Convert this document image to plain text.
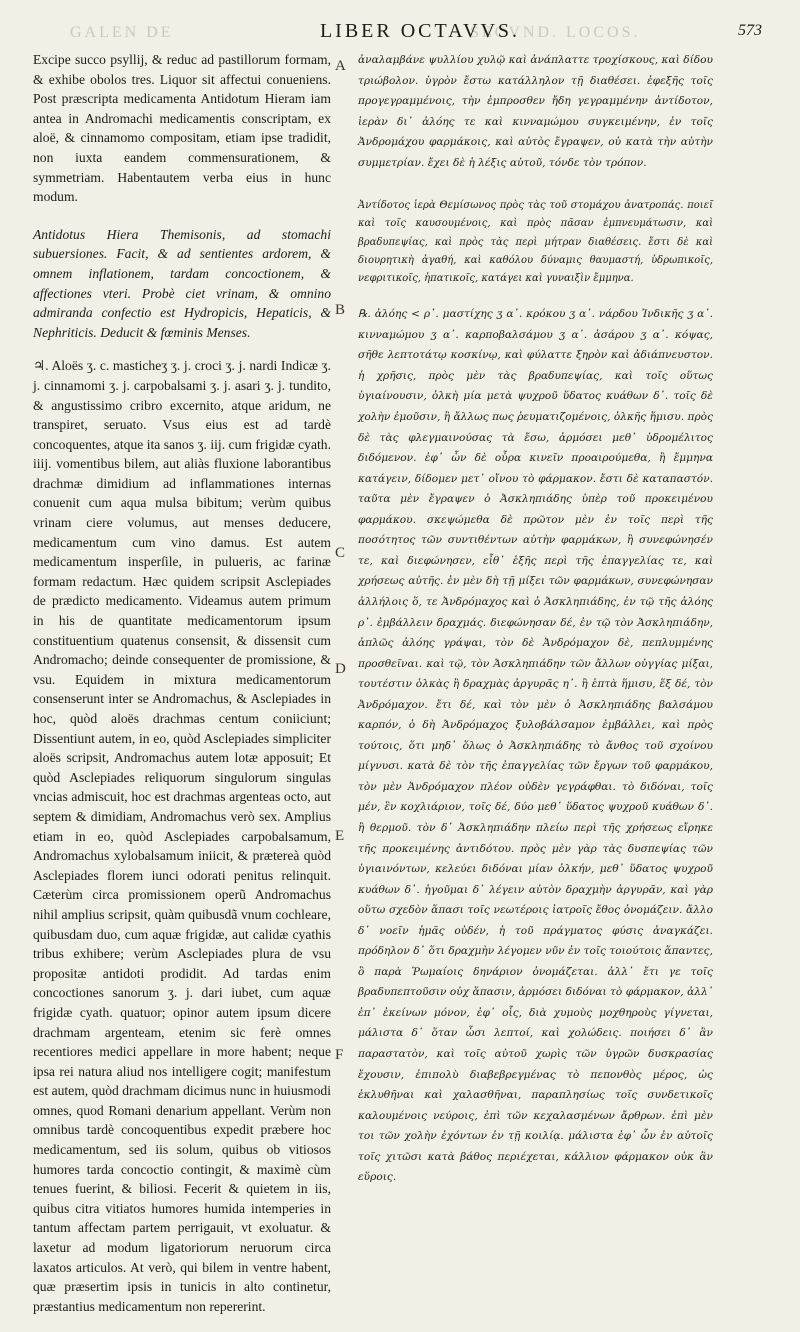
GALEN DE	SECVND. LOCOS.
LIBER OCTAVVS.	573

Excipe succo psyllij, & reduc ad pastillorum formam, & exhibe obolos tres. Liquor sit affectui conueniens. Post præscripta medicamenta Antidotum Hieram iam antea in Andromachi medicamentis conscriptam, ex aloë, & cinnamomo compositam, etiam ipse tradidit, non iuxta eandem commensurationem, & symmetriam. Habentautem verba eius in hunc modum.

Antidotus Hiera Themisonis, ad stomachi subuersiones. Facit, & ad sentientes ardorem, & omnem inflationem, tardam concoctionem, & affectiones vteri. Probè ciet vrinam, & omnino admiranda confectio est Hydropicis, Hepaticis, & Nephriticis. Deducit & fœminis Menses.

♃. Aloës ʒ. c. masticheʒ ʒ. j. croci ʒ. j. nardi Indicæ ʒ. j. cinnamomi ʒ. j. carpobalsami ʒ. j. asari ʒ. j. tundito, & angustissimo cribro excernito, atque aridum, ne transpiret, seruato. Vsus eius est ad tardè concoquentes, atque ita sanos ʒ. iij. cum frigidæ cyath. iiij. vomentibus bilem, aut aliàs fluxione laborantibus drachmæ dimidium ad inflammationes internas conuenit cum aqua mulsa bibitum; verùm quibus vrinam ciere volumus, aut menses deducere, medicamentum cum vino damus. Est autem medicamentum insperſile, in pulueris, ac farinæ formam redactum. Hæc quidem scripsit Asclepiades de prædicto medicamento. Videamus autem primum in his de quantitate medicamentorum ipsum constituentium quatenus consensit, & dissensit cum Andromacho; deinde consequenter de promissione, & vsu. Equidem in mixtura medicamentorum consenserunt inter se Andromachus, & Asclepiades in hoc, quòd aloës drachmas centum coniiciunt; Dissentiunt autem, in eo, quòd Asclepiades simpliciter aloës scripsit, Andromachus autem lotæ apposuit; Et quòd Asclepiades reliquorum singulorum singulas vncias admiscuit, hoc est drachmas argenteas octo, aut septem & dimidiam, Andromachus verò sex. Amplius etiam in eo, quòd Asclepiades carpobalsamum, Andromachus xylobalsamum iniicit, & prætereà quòd Asclepiades florem iunci odorati penitus relinquit. Cæterùm circa promissionem operũ Andromachus nihil amplius scripsit, quàm quibusdã vnum cochleare, quibusdam duo, cum aquæ frigidæ, aut calidæ cyathis tribus exhibere; verùm Asclepiades plura de vsu propositæ antidoti prodidit. Ad tardas enim concoctiones sanorum ʒ. j. dari iubet, cum aquæ frigidæ cyath. quatuor; opinor autem ipsum dicere drachmam argenteam, etenim sic ferè omnes recentiores medici appellare in more habent; neque ipsa rei natura aliud nos intelligere cogit; manifestum est autem, quòd drachmam dicimus nunc in huiusmodi omnes, quod Romani denarium appellant. Verùm non omnibus tardè concoquentibus expedit præbere hoc medicamentum, sed iis solum, quibus ob vitiosos humores tarda concoctio contingit, & maximè cùm tenues fuerint, & biliosi. Fecerit & quietem in iis, quibus citra vitiatos humores humida intemperies in tantum affectam partem perrigauit, vt exoluatur. & laxetur ad modum ligatoriorum neruorum circa laxatos articulos. At verò, qui bilem in ventre habent, quæ præsertim ipsis in tunicis in alto continetur, præstantius medicamentum non repererint.

A
B
C
D
E
F

ἀναλαμβάνε ψυλλίου χυλῷ καὶ ἀνάπλαττε τροχίσκους, καὶ δίδου τριώβολον. ὑγρὸν ἔστω κατάλληλον τῇ διαθέσει. ἐφεξῆς τοῖς προγεγραμμένοις, τὴν ἐμπροσθεν ἤδη γεγραμμένην ἀντίδοτον, ἱερὰν δι᾽ ἀλόης τε καὶ κινναμώμου συγκειμένην, ἐν τοῖς Ἀνδρομάχου φαρμάκοις, καὶ αὐτὸς ἔγραψεν, οὐ κατὰ τὴν αὐτὴν συμμετρίαν. ἔχει δὲ ἡ λέξις αὐτοῦ, τόνδε τὸν τρόπον.

Ἀντίδοτος ἱερὰ Θεμίσωνος πρὸς τὰς τοῦ στομάχου ἀνατροπάς. ποιεῖ καὶ τοῖς καυσουμένοις, καὶ πρὸς πᾶσαν ἐμπνευμάτωσιν, καὶ βραδυπεψίας, καὶ πρὸς τὰς περὶ μήτραν διαθέσεις. ἔστι δὲ καὶ διουρητικὴ ἀγαθή, καὶ καθόλου δύναμις θαυμαστή, ὑδρωπικοῖς, νεφριτικοῖς, ἡπατικοῖς, κατάγει καὶ γυναιξὶν ἔμμηνα.

℞. ἀλόης < ρ᾽. μαστίχης ʒ α᾽. κρόκου ʒ α᾽. νάρδου Ἰνδικῆς ʒ α᾽. κινναμώμου ʒ α᾽. καρποβαλσάμου ʒ α᾽. ἀσάρου ʒ α᾽. κόψας, σῆθε λεπτοτάτῳ κοσκίνῳ, καὶ φύλαττε ξηρὸν καὶ ἀδιάπνευστον. ἡ χρῆσις, πρὸς μὲν τὰς βραδυπεψίας, καὶ τοῖς οὕτως ὑγιαίνουσιν, ὁλκὴ μία μετὰ ψυχροῦ ὕδατος κυάθων δ᾽. τοῖς δὲ χολὴν ἐμοῦσιν, ἢ ἄλλως πως ῥευματιζομένοις, ὁλκῆς ἥμισυ. πρὸς δὲ τὰς φλεγμαινούσας τὰ ἔσω, ἀρμόσει μεθ᾽ ὑδρομέλιτος διδόμενον. ἐφ᾽ ὧν δὲ οὖρα κινεῖν προαιρούμεθα, ἢ ἔμμηνα κατάγειν, δίδομεν μετ᾽ οἴνου τὸ φάρμακον. ἔστι δὲ καταπαστόν. ταῦτα μὲν ἔγραψεν ὁ Ἀσκληπιάδης ὑπὲρ τοῦ προκειμένου φαρμάκου. σκεψώμεθα δὲ πρῶτον μὲν ἐν τοῖς περὶ τῆς ποσότητος τῶν συντιθέντων αὐτὴν φαρμάκων, ἢ συνεφώνησέν τε, καὶ διεφώνησεν, εἶθ᾽ ἑξῆς περὶ τῆς ἐπαγγελίας τε, καὶ χρήσεως αὐτῆς. ἐν μὲν δὴ τῇ μίξει τῶν φαρμάκων, συνεφώνησαν ἀλλήλοις ὅ, τε Ἀνδρόμαχος καὶ ὁ Ἀσκληπιάδης, ἐν τῷ τῆς ἀλόης ρ᾽. ἐμβάλλειν δραχμάς. διεφώνησαν δέ, ἐν τῷ τὸν Ἀσκληπιάδην, ἁπλῶς ἀλόης γράψαι, τὸν δὲ Ἀνδρόμαχον δὲ, πεπλυμμένης προσθεῖναι. καὶ τῷ, τὸν Ἀσκληπιάδην τῶν ἄλλων οὐγγίας μίξαι, τουτέστιν ὁλκὰς ἢ δραχμὰς ἀργυρᾶς η᾽. ἢ ἑπτὰ ἥμισυ, ἕξ δέ, τὸν Ἀνδρόμαχον. ἔτι δέ, καὶ τὸν μὲν ὁ Ἀσκληπιάδης βαλσάμου καρπόν, ὁ δὴ Ἀνδρόμαχος ξυλοβάλσαμον ἐμβάλλει, καὶ πρὸς τούτοις, ὅτι μηδ᾽ ὅλως ὁ Ἀσκληπιάδης τὸ ἄνθος τοῦ σχοίνου μίγνυσι. κατὰ δὲ τὸν τῆς ἐπαγγελίας τῶν ἔργων τοῦ φαρμάκου, τὸν μὲν Ἀνδρόμαχον πλέον οὐδὲν γεγράφθαι. τὸ διδόναι, τοῖς μέν, ἓν κοχλιάριον, τοῖς δέ, δύο μεθ᾽ ὕδατος ψυχροῦ κυάθων δ᾽. ἢ θερμοῦ. τὸν δ᾽ Ἀσκληπιάδην πλείω περὶ τῆς χρήσεως εἴρηκε τῆς προκειμένης ἀντιδότου. πρὸς μὲν γὰρ τὰς δυσπεψίας τῶν ὑγιαινόντων, κελεύει διδόναι μίαν ὁλκήν, μεθ᾽ ὕδατος ψυχροῦ κυάθων δ᾽. ἡγοῦμαι δ᾽ λέγειν αὐτὸν δραχμὴν ἀργυρᾶν, καὶ γὰρ οὕτω σχεδὸν ἅπασι τοῖς νεωτέροις ἰατροῖς ἔθος ὀνομάζειν. ἄλλο δ᾽ νοεῖν ἡμᾶς οὐδέν, ἡ τοῦ πράγματος φύσις ἀναγκάζει. πρόδηλον δ᾽ ὅτι δραχμὴν λέγομεν νῦν ἐν τοῖς τοιούτοις ἅπαντες, ὃ παρὰ Ῥωμαίοις δηνάριον ὀνομάζεται. ἀλλ᾽ ἔτι γε τοῖς βραδυπεπτοῦσιν οὐχ ἅπασιν, ἀρμόσει διδόναι τὸ φάρμακον, ἀλλ᾽ ἐπ᾽ ἐκείνων μόνον, ἐφ᾽ οἷς, διὰ χυμοὺς μοχθηροὺς γίγνεται, μάλιστα δ᾽ ὅταν ὦσι λεπτοί, καὶ χολώδεις. ποιήσει δ᾽ ἂν παραστατὸν, καὶ τοῖς αὐτοῦ χωρὶς τῶν ὑγρῶν δυσκρασίας ἔχουσιν, ἐπιπολὺ διαβεβρεγμένας τὸ πεπονθὸς μέρος, ὡς ἐκλυθῆναι καὶ χαλασθῆναι, παραπλησίως τοῖς συνδετικοῖς καλουμένοις νεύροις, ἐπὶ τῶν κεχαλασμένων ἄρθρων. ἐπὶ μὲν τοι τῶν χολὴν ἐχόντων ἐν τῇ κοιλίᾳ. μάλιστα ἐφ᾽ ὧν ἐν αὐτοῖς τοῖς χιτῶσι κατὰ βάθος περιέχεται, κάλλιον φάρμακον οὐκ ἂν εὕροις.
